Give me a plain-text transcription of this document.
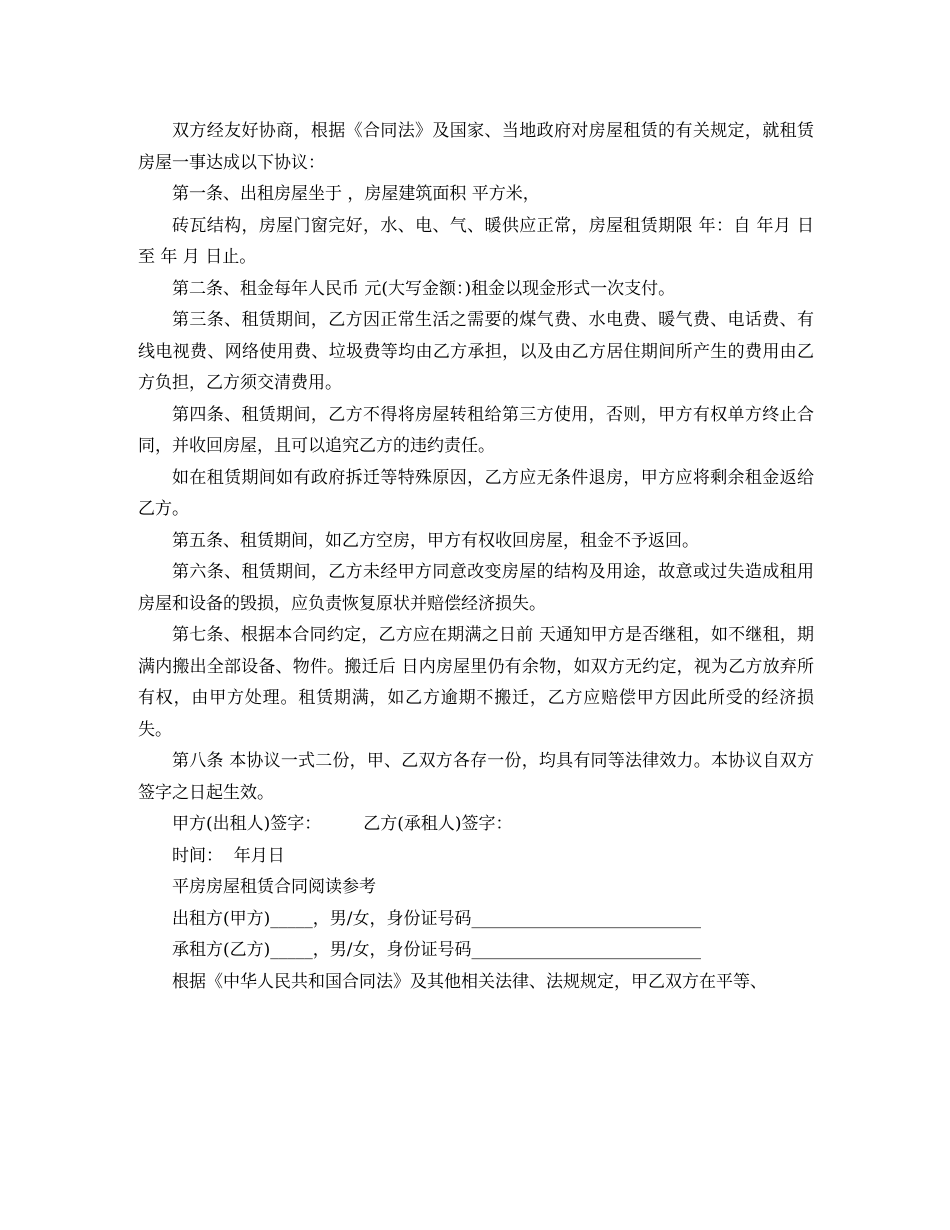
双方经友好协商，根据《合同法》及国家、当地政府对房屋租赁的有关规定，就租赁房屋一事达成以下协议：

第一条、出租房屋坐于 ，房屋建筑面积 平方米，

砖瓦结构，房屋门窗完好，水、电、气、暖供应正常，房屋租赁期限 年：自 年月 日至 年 月 日止。

第二条、租金每年人民币 元(大写金额：)租金以现金形式一次支付。

第三条、租赁期间，乙方因正常生活之需要的煤气费、水电费、暖气费、电话费、有线电视费、网络使用费、垃圾费等均由乙方承担，以及由乙方居住期间所产生的费用由乙方负担，乙方须交清费用。

第四条、租赁期间，乙方不得将房屋转租给第三方使用，否则，甲方有权单方终止合同，并收回房屋，且可以追究乙方的违约责任。

如在租赁期间如有政府拆迁等特殊原因，乙方应无条件退房，甲方应将剩余租金返给乙方。

第五条、租赁期间，如乙方空房，甲方有权收回房屋，租金不予返回。

第六条、租赁期间，乙方未经甲方同意改变房屋的结构及用途，故意或过失造成租用房屋和设备的毁损，应负责恢复原状并赔偿经济损失。

第七条、根据本合同约定，乙方应在期满之日前 天通知甲方是否继租，如不继租，期满内搬出全部设备、物件。搬迁后 日内房屋里仍有余物，如双方无约定，视为乙方放弃所有权，由甲方处理。租赁期满，如乙方逾期不搬迁，乙方应赔偿甲方因此所受的经济损失。

第八条 本协议一式二份，甲、乙双方各存一份，均具有同等法律效力。本协议自双方签字之日起生效。

甲方(出租人)签字： 乙方(承租人)签字：

时间：  年月日

平房房屋租赁合同阅读参考

出租方(甲方)_____，男/女，身份证号码___________________________

承租方(乙方)_____，男/女，身份证号码___________________________

根据《中华人民共和国合同法》及其他相关法律、法规规定，甲乙双方在平等、
